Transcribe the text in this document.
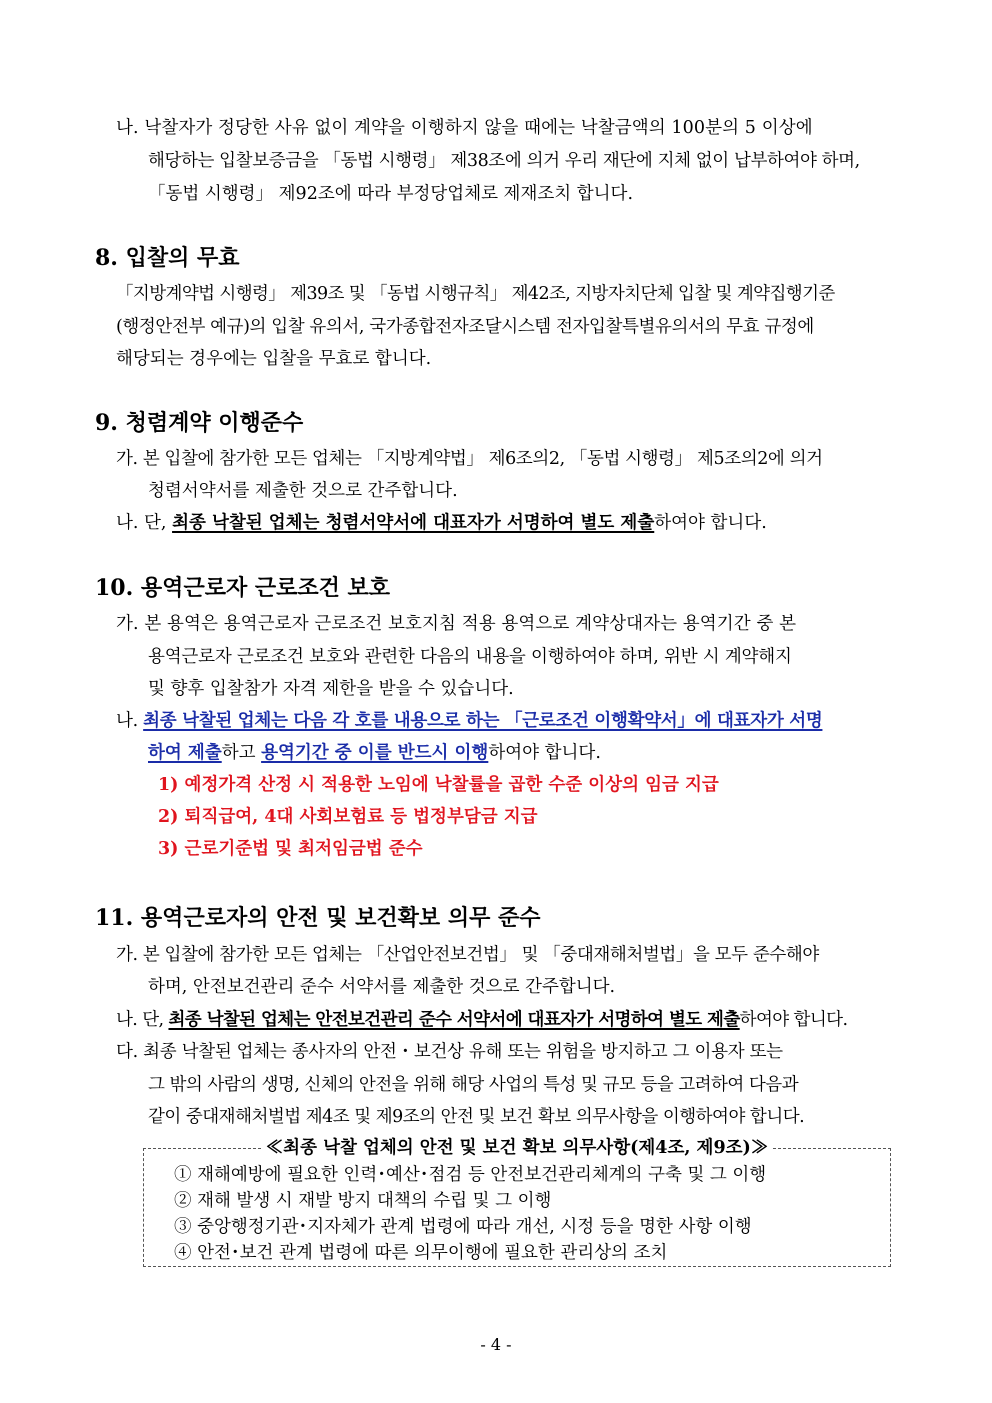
나. 낙찰자가 정당한 사유 없이 계약을 이행하지 않을 때에는 낙찰금액의 100분의 5 이상에
해당하는 입찰보증금을 「동법 시행령」 제38조에 의거 우리 재단에 지체 없이 납부하여야 하며,
「동법 시행령」 제92조에 따라 부정당업체로 제재조치 합니다.
8. 입찰의 무효
「지방계약법 시행령」 제39조 및 「동법 시행규칙」 제42조, 지방자치단체 입찰 및 계약집행기준
(행정안전부 예규)의 입찰 유의서, 국가종합전자조달시스템 전자입찰특별유의서의 무효 규정에
해당되는 경우에는 입찰을 무효로 합니다.
9. 청렴계약 이행준수
가. 본 입찰에 참가한 모든 업체는 「지방계약법」 제6조의2, 「동법 시행령」 제5조의2에 의거
청렴서약서를 제출한 것으로 간주합니다.
나. 단, 최종 낙찰된 업체는 청렴서약서에 대표자가 서명하여 별도 제출하여야 합니다.
10. 용역근로자 근로조건 보호
가. 본 용역은 용역근로자 근로조건 보호지침 적용 용역으로 계약상대자는 용역기간 중 본
용역근로자 근로조건 보호와 관련한 다음의 내용을 이행하여야 하며, 위반 시 계약해지
및 향후 입찰참가 자격 제한을 받을 수 있습니다.
나. 최종 낙찰된 업체는 다음 각 호를 내용으로 하는 「근로조건 이행확약서」에 대표자가 서명
하여 제출하고 용역기간 중 이를 반드시 이행하여야 합니다.
1) 예정가격 산정 시 적용한 노임에 낙찰률을 곱한 수준 이상의 임금 지급
2) 퇴직급여, 4대 사회보험료 등 법정부담금 지급
3) 근로기준법 및 최저임금법 준수
11. 용역근로자의 안전 및 보건확보 의무 준수
가. 본 입찰에 참가한 모든 업체는 「산업안전보건법」 및 「중대재해처벌법」을 모두 준수해야
하며, 안전보건관리 준수 서약서를 제출한 것으로 간주합니다.
나. 단, 최종 낙찰된 업체는 안전보건관리 준수 서약서에 대표자가 서명하여 별도 제출하여야 합니다.
다. 최종 낙찰된 업체는 종사자의 안전・보건상 유해 또는 위험을 방지하고 그 이용자 또는
그 밖의 사람의 생명, 신체의 안전을 위해 해당 사업의 특성 및 규모 등을 고려하여 다음과
같이 중대재해처벌법 제4조 및 제9조의 안전 및 보건 확보 의무사항을 이행하여야 합니다.
≪최종 낙찰 업체의 안전 및 보건 확보 의무사항(제4조, 제9조)≫
① 재해예방에 필요한 인력･예산･점검 등 안전보건관리체계의 구축 및 그 이행
② 재해 발생 시 재발 방지 대책의 수립 및 그 이행
③ 중앙행정기관･지자체가 관계 법령에 따라 개선, 시정 등을 명한 사항 이행
④ 안전･보건 관계 법령에 따른 의무이행에 필요한 관리상의 조치
- 4 -
